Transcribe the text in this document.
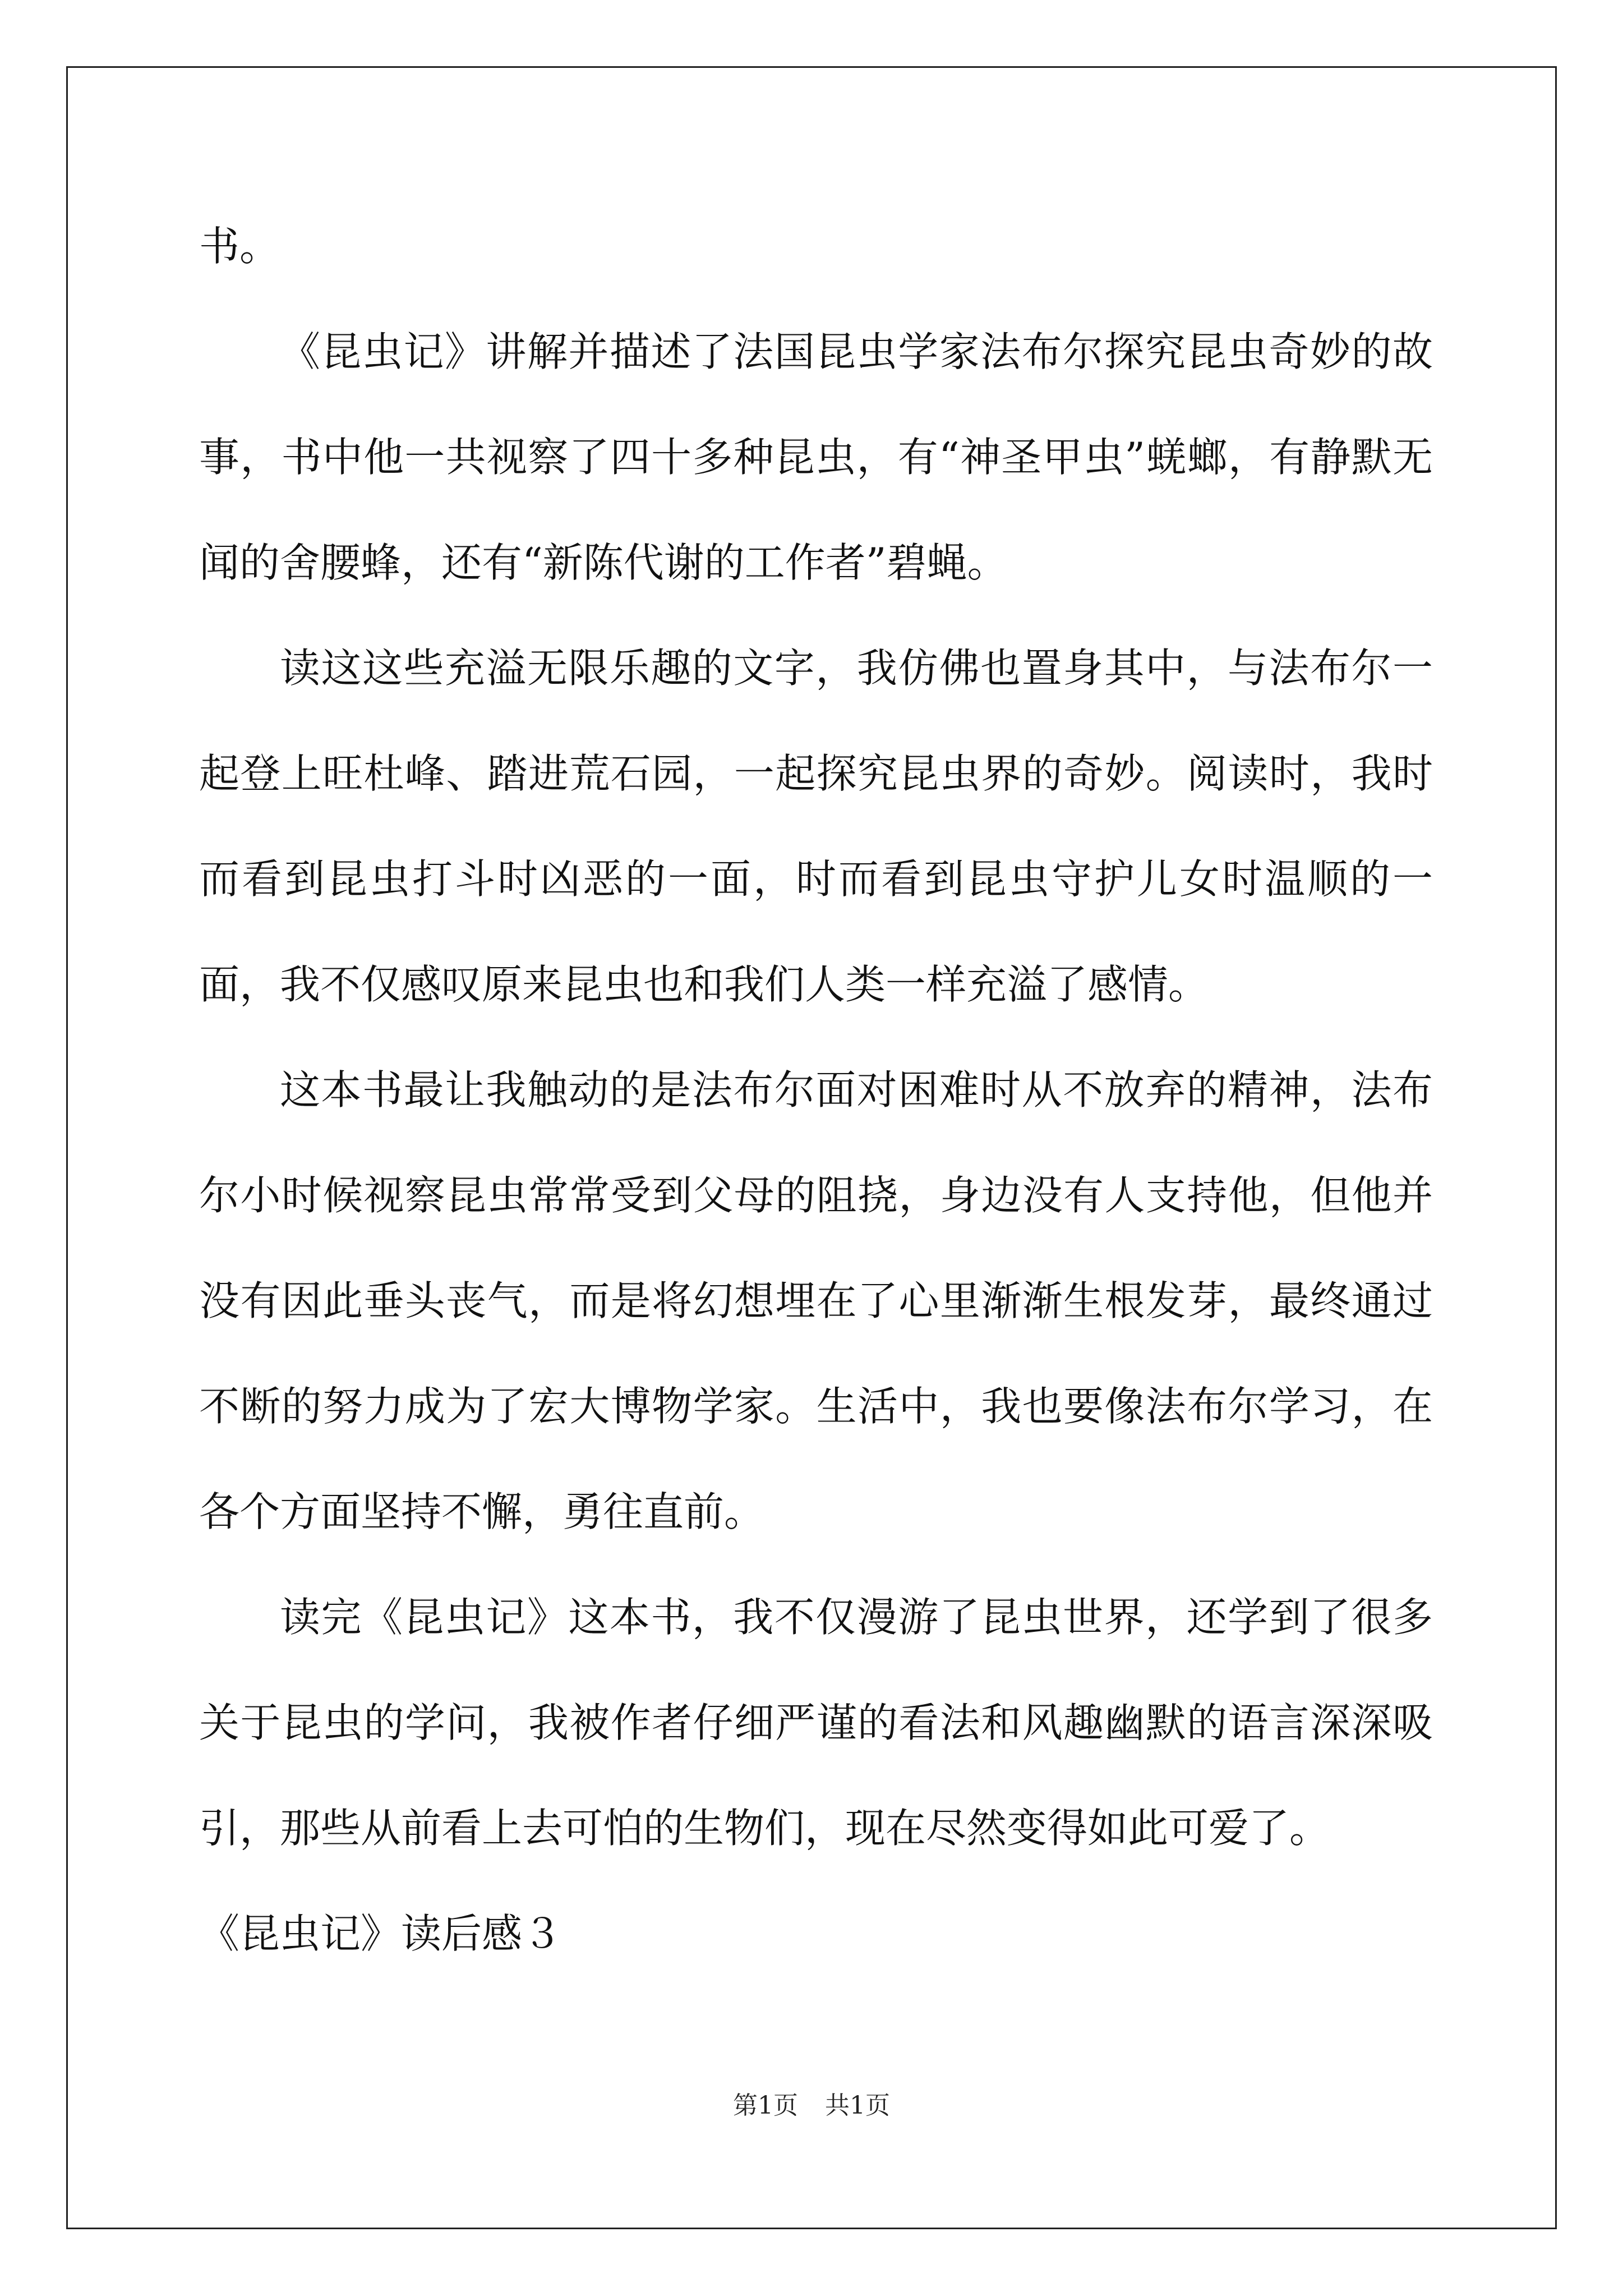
书。

《昆虫记》讲解并描述了法国昆虫学家法布尔探究昆虫奇妙的故事，书中他一共视察了四十多种昆虫，有“神圣甲虫”蜣螂，有静默无闻的舍腰蜂，还有“新陈代谢的工作者”碧蝇。

读这这些充溢无限乐趣的文字，我仿佛也置身其中，与法布尔一起登上旺杜峰、踏进荒石园，一起探究昆虫界的奇妙。阅读时，我时而看到昆虫打斗时凶恶的一面，时而看到昆虫守护儿女时温顺的一面，我不仅感叹原来昆虫也和我们人类一样充溢了感情。

这本书最让我触动的是法布尔面对困难时从不放弃的精神，法布尔小时候视察昆虫常常受到父母的阻挠，身边没有人支持他，但他并没有因此垂头丧气，而是将幻想埋在了心里渐渐生根发芽，最终通过不断的努力成为了宏大博物学家。生活中，我也要像法布尔学习，在各个方面坚持不懈，勇往直前。

读完《昆虫记》这本书，我不仅漫游了昆虫世界，还学到了很多关于昆虫的学问，我被作者仔细严谨的看法和风趣幽默的语言深深吸引，那些从前看上去可怕的生物们，现在尽然变得如此可爱了。

《昆虫记》读后感３

第1页 共1页
